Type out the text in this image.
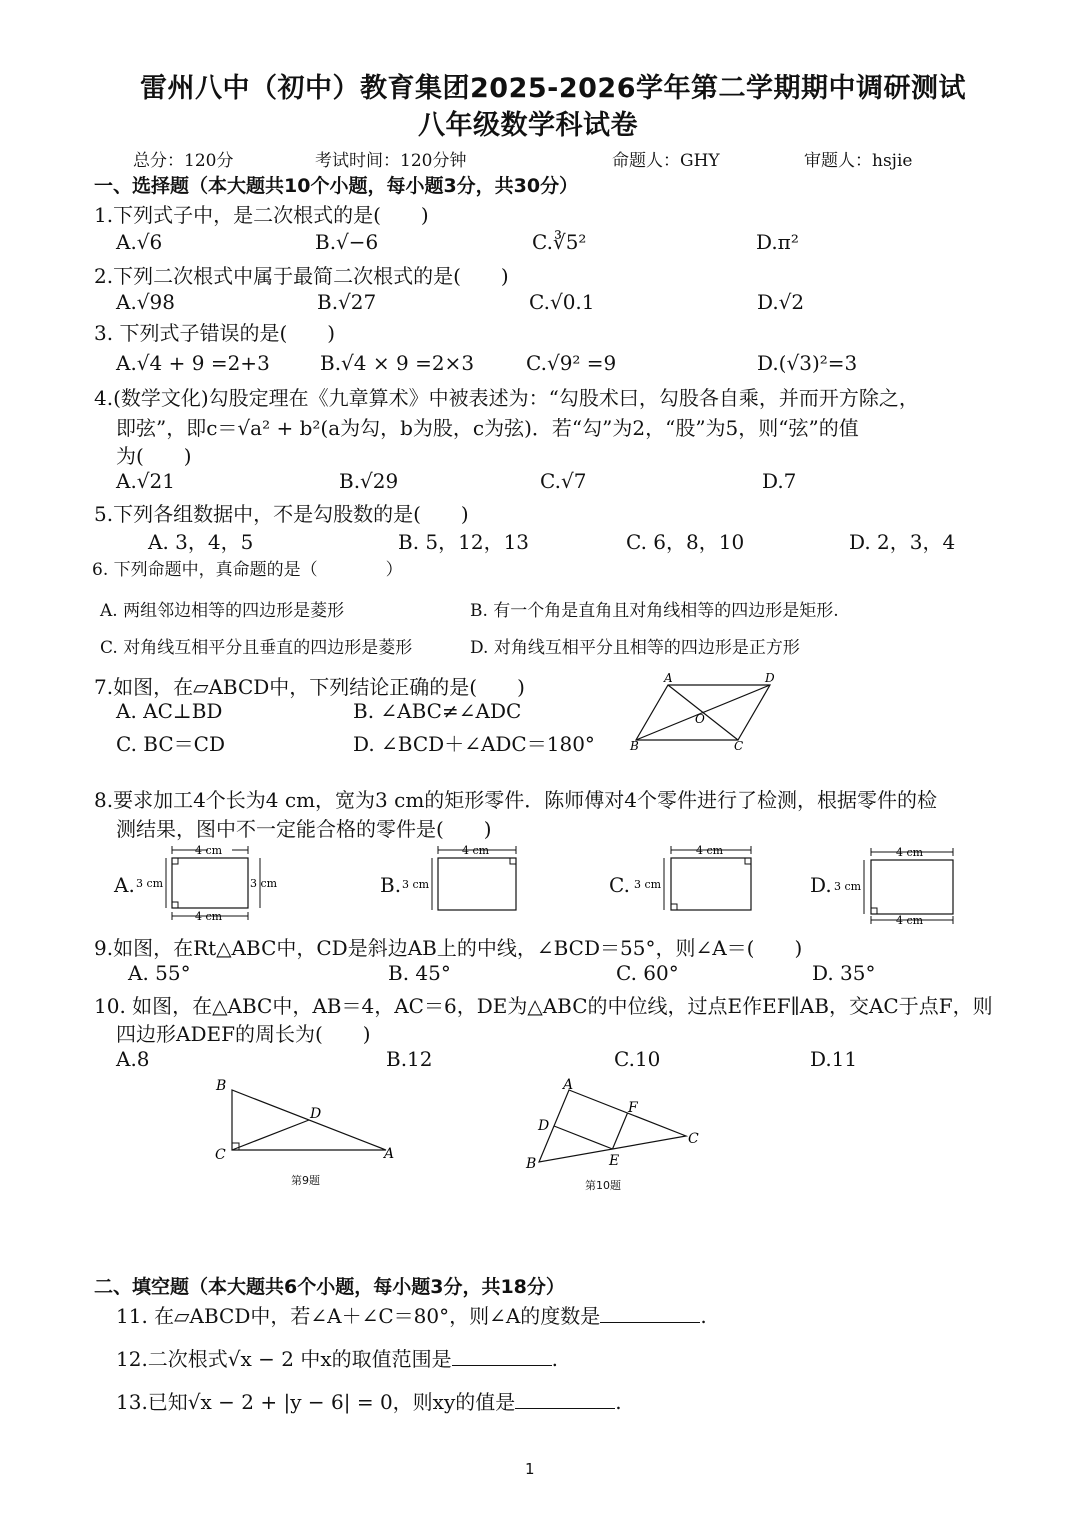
雷州八中（初中）教育集团2025-2026学年第二学期期中调研测试
八年级数学科试卷
总分：120分	考试时间：120分钟	命题人：GHY	审题人：hsjie
一、选择题（本大题共10个小题，每小题3分，共30分）
1.下列式子中，是二次根式的是(　　)
A.√6	B.√−6	C.∛5²	D.π²
2.下列二次根式中属于最简二次根式的是(　　)
A.√98	B.√27	C.√0.1	D.√2
3. 下列式子错误的是(　　)
A.√4 + 9 =2+3	B.√4 × 9 =2×3	C.√9² =9	D.(√3)²=3
4.(数学文化)勾股定理在《九章算术》中被表述为：“勾股术曰，勾股各自乘，并而开方除之，
即弦”，即c＝√a² + b²(a为勾，b为股，c为弦)．若“勾”为2，“股”为5，则“弦”的值
为(　　)
A.√21	B.√29	C.√7	D.7
5.下列各组数据中，不是勾股数的是(　　)
A. 3，4，5	B. 5，12，13	C. 6，8，10	D. 2，3，4
6. 下列命题中，真命题的是（　　　　）
A. 两组邻边相等的四边形是菱形	B. 有一个角是直角且对角线相等的四边形是矩形.
C. 对角线互相平分且垂直的四边形是菱形	D. 对角线互相平分且相等的四边形是正方形
7.如图，在▱ABCD中，下列结论正确的是(　　)
A. AC⊥BD	B. ∠ABC≠∠ADC
C. BC＝CD	D. ∠BCD＋∠ADC＝180°
A	D
O
B	C
8.要求加工4个长为4 cm，宽为3 cm的矩形零件．陈师傅对4个零件进行了检测，根据零件的检
测结果，图中不一定能合格的零件是(　　)
A.	B.	C.	D.
4 cm
4 cm
3 cm	3 cm
4 cm
3 cm
4 cm
3 cm
4 cm
4 cm
3 cm
9.如图，在Rt△ABC中，CD是斜边AB上的中线，∠BCD＝55°，则∠A＝(　　)
A. 55°	B. 45°	C. 60°	D. 35°
10. 如图，在△ABC中，AB＝4，AC＝6，DE为△ABC的中位线，过点E作EF∥AB，交AC于点F，则
四边形ADEF的周长为(　　)
A.8	B.12	C.10	D.11
B
D
C	A
第9题
A
F
D
C
B	E
第10题
二、填空题（本大题共6个小题，每小题3分，共18分）
11. 在▱ABCD中，若∠A＋∠C＝80°，则∠A的度数是	.
12.二次根式√x − 2 中x的取值范围是	.
13.已知√x − 2 + |y − 6| = 0，则xy的值是	.
1
